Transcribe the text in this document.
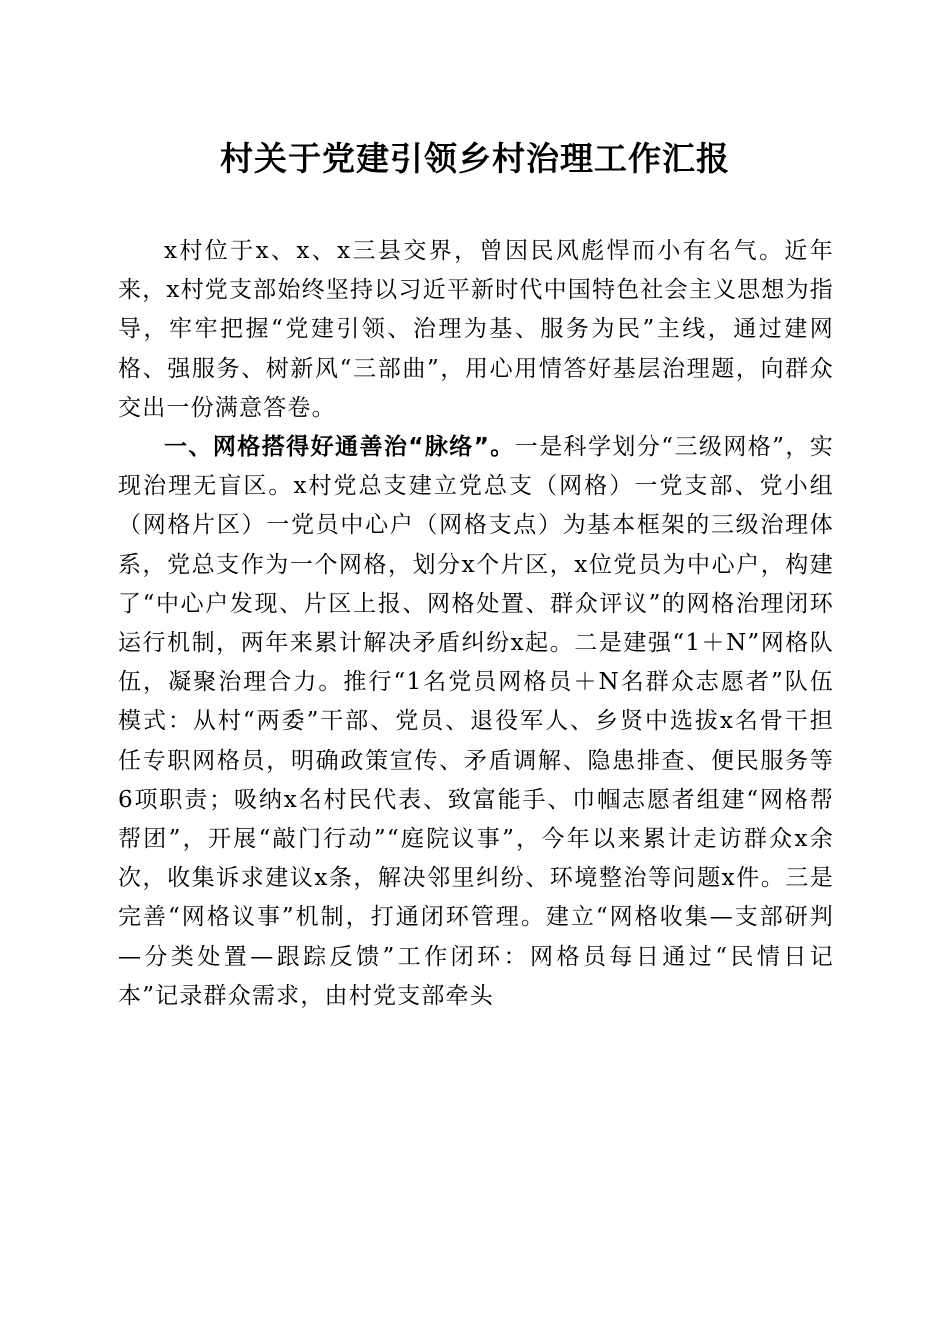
村关于党建引领乡村治理工作汇报

x村位于x、x、x三县交界，曾因民风彪悍而小有名气。近年来，x村党支部始终坚持以习近平新时代中国特色社会主义思想为指导，牢牢把握“党建引领、治理为基、服务为民”主线，通过建网格、强服务、树新风“三部曲”，用心用情答好基层治理题，向群众交出一份满意答卷。

一、网格搭得好通善治“脉络”。一是科学划分“三级网格”，实现治理无盲区。x村党总支建立党总支（网格）一党支部、党小组（网格片区）一党员中心户（网格支点）为基本框架的三级治理体系，党总支作为一个网格，划分x个片区，x位党员为中心户，构建了“中心户发现、片区上报、网格处置、群众评议”的网格治理闭环运行机制，两年来累计解决矛盾纠纷x起。二是建强“1＋N”网格队伍，凝聚治理合力。推行“1名党员网格员＋N名群众志愿者”队伍模式：从村“两委”干部、党员、退役军人、乡贤中选拔x名骨干担任专职网格员，明确政策宣传、矛盾调解、隐患排查、便民服务等6项职责；吸纳x名村民代表、致富能手、巾帼志愿者组建“网格帮帮团”，开展“敲门行动”“庭院议事”，今年以来累计走访群众x余次，收集诉求建议x条，解决邻里纠纷、环境整治等问题x件。三是完善“网格议事”机制，打通闭环管理。建立“网格收集—支部研判—分类处置—跟踪反馈”工作闭环：网格员每日通过“民情日记本”记录群众需求，由村党支部牵头
